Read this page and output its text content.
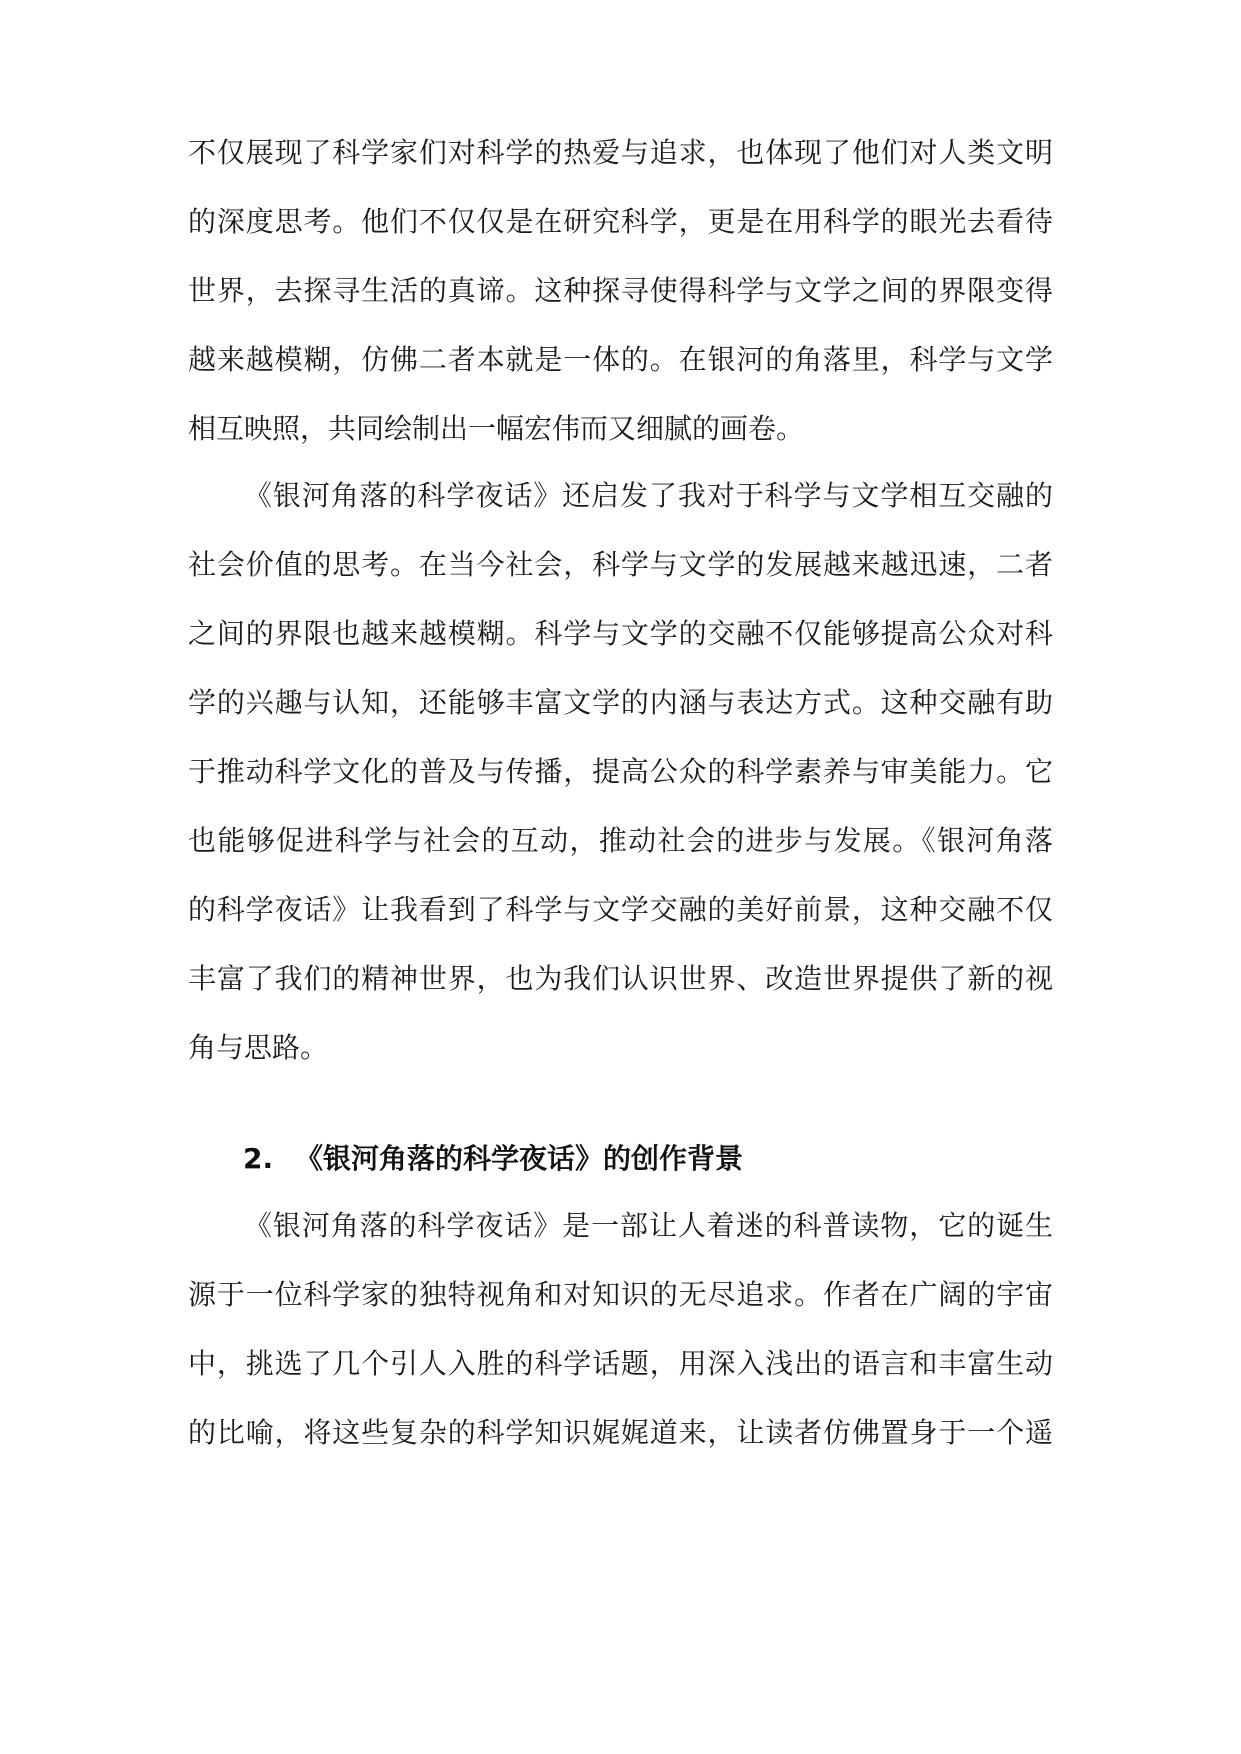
不仅展现了科学家们对科学的热爱与追求，也体现了他们对人类文明

的深度思考。他们不仅仅是在研究科学，更是在用科学的眼光去看待

世界，去探寻生活的真谛。这种探寻使得科学与文学之间的界限变得

越来越模糊，仿佛二者本就是一体的。在银河的角落里，科学与文学

相互映照，共同绘制出一幅宏伟而又细腻的画卷。

《银河角落的科学夜话》还启发了我对于科学与文学相互交融的

社会价值的思考。在当今社会，科学与文学的发展越来越迅速，二者

之间的界限也越来越模糊。科学与文学的交融不仅能够提高公众对科

学的兴趣与认知，还能够丰富文学的内涵与表达方式。这种交融有助

于推动科学文化的普及与传播，提高公众的科学素养与审美能力。它

也能够促进科学与社会的互动，推动社会的进步与发展。《银河角落

的科学夜话》让我看到了科学与文学交融的美好前景，这种交融不仅

丰富了我们的精神世界，也为我们认识世界、改造世界提供了新的视

角与思路。

2. 《银河角落的科学夜话》的创作背景

《银河角落的科学夜话》是一部让人着迷的科普读物，它的诞生

源于一位科学家的独特视角和对知识的无尽追求。作者在广阔的宇宙

中，挑选了几个引人入胜的科学话题，用深入浅出的语言和丰富生动

的比喻，将这些复杂的科学知识娓娓道来，让读者仿佛置身于一个遥
